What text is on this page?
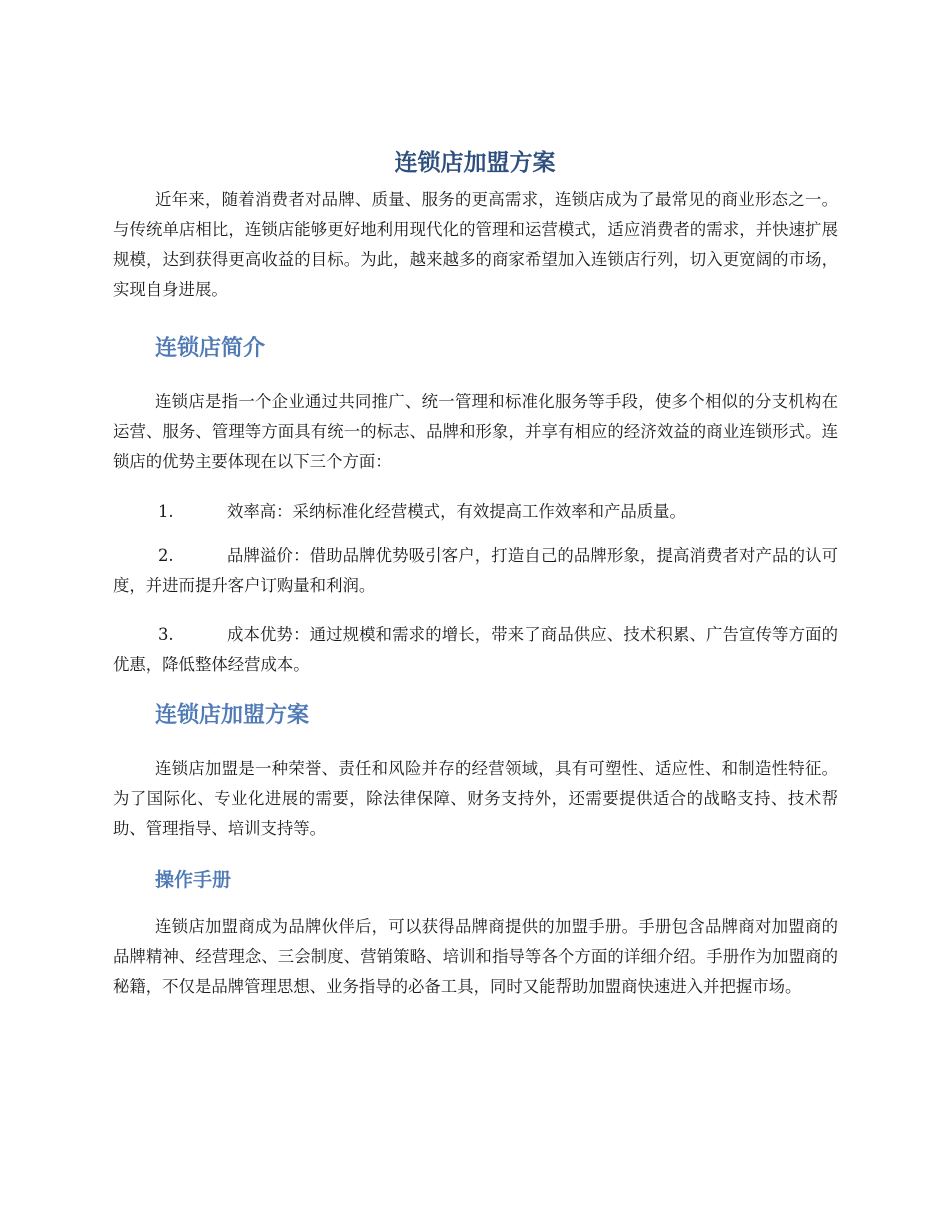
连锁店加盟方案
近年来，随着消费者对品牌、质量、服务的更高需求，连锁店成为了最常见的商业形态之一。与传统单店相比，连锁店能够更好地利用现代化的管理和运营模式，适应消费者的需求，并快速扩展规模，达到获得更高收益的目标。为此，越来越多的商家希望加入连锁店行列，切入更宽阔的市场，实现自身进展。
连锁店简介
连锁店是指一个企业通过共同推广、统一管理和标准化服务等手段，使多个相似的分支机构在运营、服务、管理等方面具有统一的标志、品牌和形象，并享有相应的经济效益的商业连锁形式。连锁店的优势主要体现在以下三个方面：
1.	效率高：采纳标准化经营模式，有效提高工作效率和产品质量。
2.	品牌溢价：借助品牌优势吸引客户，打造自己的品牌形象，提高消费者对产品的认可度，并进而提升客户订购量和利润。
3.	成本优势：通过规模和需求的增长，带来了商品供应、技术积累、广告宣传等方面的优惠，降低整体经营成本。
连锁店加盟方案
连锁店加盟是一种荣誉、责任和风险并存的经营领域，具有可塑性、适应性、和制造性特征。为了国际化、专业化进展的需要，除法律保障、财务支持外，还需要提供适合的战略支持、技术帮助、管理指导、培训支持等。
操作手册
连锁店加盟商成为品牌伙伴后，可以获得品牌商提供的加盟手册。手册包含品牌商对加盟商的品牌精神、经营理念、三会制度、营销策略、培训和指导等各个方面的详细介绍。手册作为加盟商的秘籍，不仅是品牌管理思想、业务指导的必备工具，同时又能帮助加盟商快速进入并把握市场。
